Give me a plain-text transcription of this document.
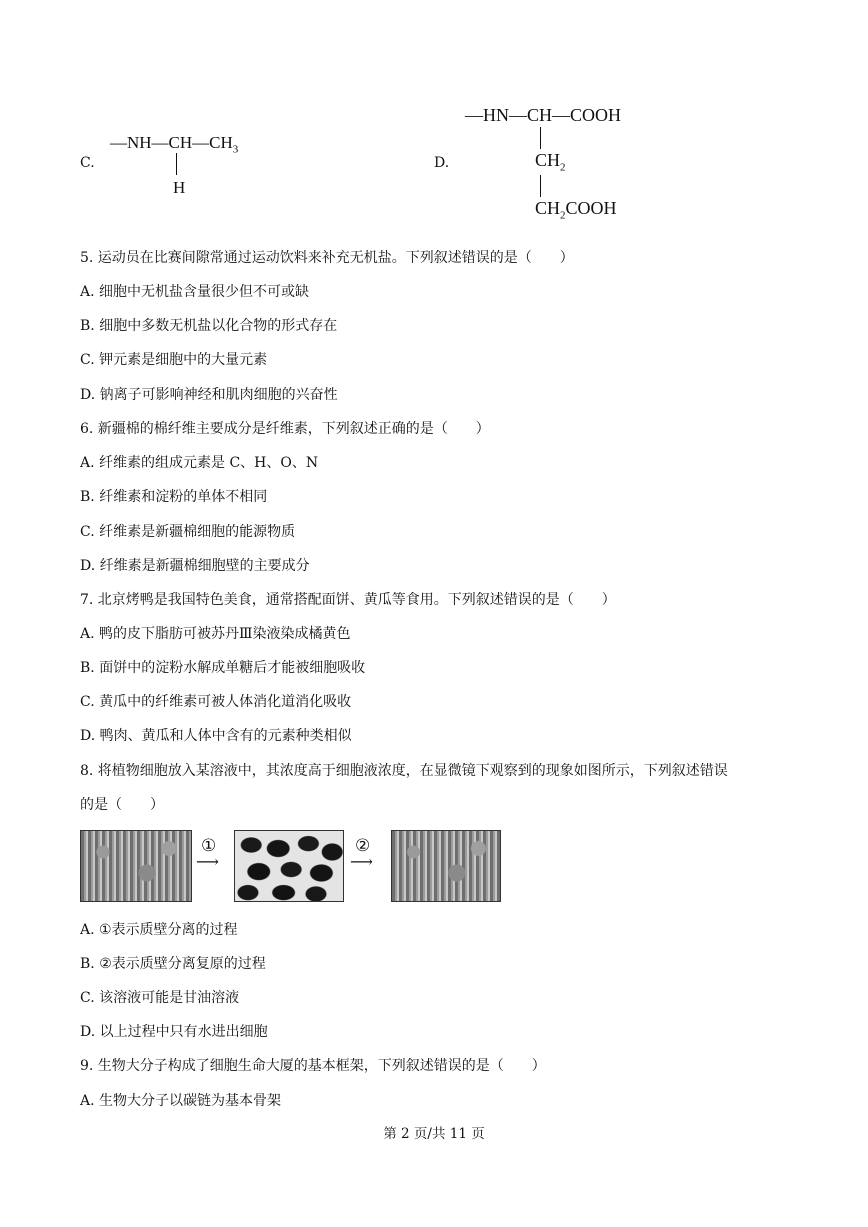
C.
$—NH—CH—CH_3$
H
D.
—HN—CH—COOH
$CH_2$
$CH_2COOH$
5. 运动员在比赛间隙常通过运动饮料来补充无机盐。下列叙述错误的是（　　）
A. 细胞中无机盐含量很少但不可或缺
B. 细胞中多数无机盐以化合物的形式存在
C. 钾元素是细胞中的大量元素
D. 钠离子可影响神经和肌肉细胞的兴奋性
6. 新疆棉的棉纤维主要成分是纤维素，下列叙述正确的是（　　）
A. 纤维素的组成元素是 C、H、O、N
B. 纤维素和淀粉的单体不相同
C. 纤维素是新疆棉细胞的能源物质
D. 纤维素是新疆棉细胞壁的主要成分
7. 北京烤鸭是我国特色美食，通常搭配面饼、黄瓜等食用。下列叙述错误的是（　　）
A. 鸭的皮下脂肪可被苏丹Ⅲ染液染成橘黄色
B. 面饼中的淀粉水解成单糖后才能被细胞吸收
C. 黄瓜中的纤维素可被人体消化道消化吸收
D. 鸭肉、黄瓜和人体中含有的元素种类相似
8. 将植物细胞放入某溶液中，其浓度高于细胞液浓度，在显微镜下观察到的现象如图所示，下列叙述错误
的是（　　）
①
⟶
②
⟶
A. ①表示质壁分离的过程
B. ②表示质壁分离复原的过程
C. 该溶液可能是甘油溶液
D. 以上过程中只有水进出细胞
9. 生物大分子构成了细胞生命大厦的基本框架，下列叙述错误的是（　　）
A. 生物大分子以碳链为基本骨架
第 2 页/共 11 页
